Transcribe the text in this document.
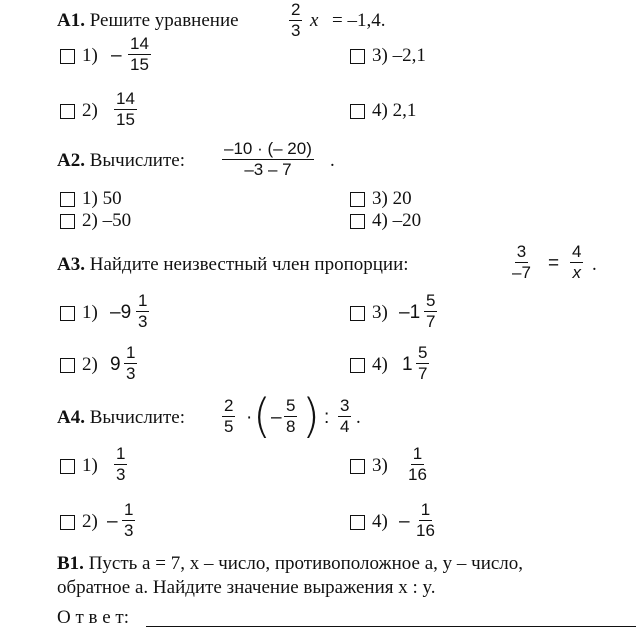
А1. Решите уравнение	$\frac{2}{3}$ x = –1,4.
$1) - \frac{14}{15}$	3) –2,1
$2) \frac{14}{15}$	4) 2,1
А2. Вычислите: $\frac{-10 \cdot (- 20)}{-3 - 7}$ .
1) 50	3) 20
2) –50	4) –20
А3. Найдите неизвестный член пропорции:	$\frac{3}{-7} = \frac{4}{x}$ .
1) $-9 \frac{1}{3}$	3) $-1 \frac{5}{7}$
2) $9 \frac{1}{3}$	4) $1 \frac{5}{7}$
А4. Вычислите: $\frac{2}{5}$ · ( – $\frac{5}{8}$ ) : $\frac{3}{4}$ .
$1) \frac{1}{3}$	$3) \frac{1}{16}$
$2) - \frac{1}{3}$	$4) - \frac{1}{16}$
В1. Пусть a = 7, x – число, противоположное a, y – число,
обратное a. Найдите значение выражения x : y.
О т в е т:
